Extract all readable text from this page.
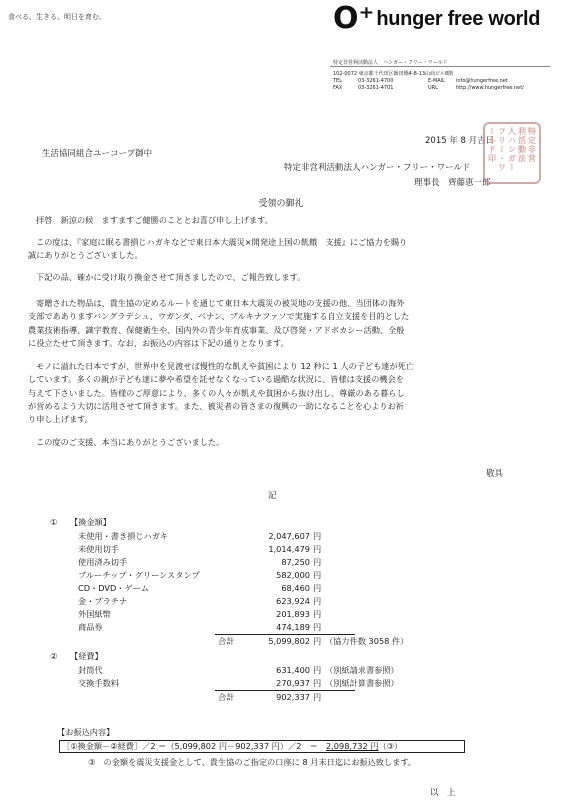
食べる、生きる、明日を育む。	O⁺ hunger free world
特定非営利活動法人　ハンガー・フリー・ワールド
102-0072 東京都千代田区飯田橋4-8-13山商ビル8階
TEL	03-3261-4700	E-MAIL	info@hungerfree.net
FAX	03-3261-4701	URL	http://www.hungerfree.net/
2015 年 8 月吉日
生活協同組合ユーコープ御中
特定非営利活動法人ハンガー・フリー・ワールド
理事長　齊藤恵一郎
特定非営
利活動法
人ハンガー
フリー・ワ
ールド印
受領の御礼
拝啓　新涼の候　ますますご健勝のこととお喜び申し上げます。
この度は、『家庭に眠る書損じハガキなどで東日本大震災×開発途上国の飢餓　支援』にご協力を賜り
誠にありがとうございました。
下記の品、確かに受け取り換金させて頂きましたので、ご報告致します。
寄贈された物品は、貴生協の定めるルートを通じて東日本大震災の被災地の支援の他、当団体の海外
支部であありますバングラデシュ、ウガンダ、ベナン、ブルキナファソで実施する自立支援を目的とした
農業技術指導、識字教育、保健衛生や、国内外の青少年育成事業、及び啓発・アドボカシー活動、全般
に役立たせて頂きます。なお、お振込の内容は下記の通りとなります。
モノに溢れた日本ですが、世界中を見渡せば慢性的な飢えや貧困により 12 秒に 1 人の子ども達が死亡
しています。多くの親が子ども達に夢や希望を託せなくなっている過酷な状況に、皆様は支援の機会を
与えて下さいました。皆様のご厚意により、多くの人々が飢えや貧困から抜け出し、尊厳のある暮らし
が営めるよう大切に活用させて頂きます。また、被災者の皆さまの復興の一助になることを心よりお祈
り申し上げます。
この度のご支援、本当にありがとうございました。
敬具
記
① 【換金額】
未使用・書き損じハガキ	2,047,607 円
未使用切手	1,014,479 円
使用済み切手	87,250 円
ブルーチップ・グリーンスタンプ	582,000 円
CD・DVD・ゲーム	68,460 円
金・プラチナ	623,924 円
外国紙幣	201,893 円
商品券	474,189 円
合計	5,099,802 円 （協力件数 3058 件）
② 【経費】
封筒代	631,400 円 （別紙請求書参照）
交換手数料	270,937 円 （別紙計算書参照）
合計	902,337 円
【お振込内容】
［①換金額－②経費］／2 ＝（5,099,802 円－902,337 円）／2　＝　2,098,732 円（③）
③　の金額を震災支援金として、貴生協のご指定の口座に 8 月末日迄にお振込致します。
以　上
